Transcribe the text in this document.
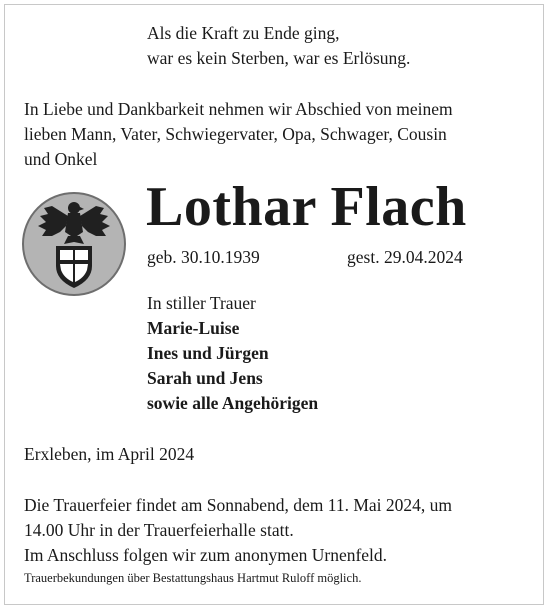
Als die Kraft zu Ende ging,
war es kein Sterben, war es Erlösung.
In Liebe und Dankbarkeit nehmen wir Abschied von meinem
lieben Mann, Vater, Schwiegervater, Opa, Schwager, Cousin
und Onkel
Lothar Flach
geb. 30.10.1939	gest. 29.04.2024
In stiller Trauer
Marie-Luise
Ines und Jürgen
Sarah und Jens
sowie alle Angehörigen
Erxleben, im April 2024
Die Trauerfeier findet am Sonnabend, dem 11. Mai 2024, um
14.00 Uhr in der Trauerfeierhalle statt.
Im Anschluss folgen wir zum anonymen Urnenfeld.
Trauerbekundungen über Bestattungshaus Hartmut Ruloff möglich.
